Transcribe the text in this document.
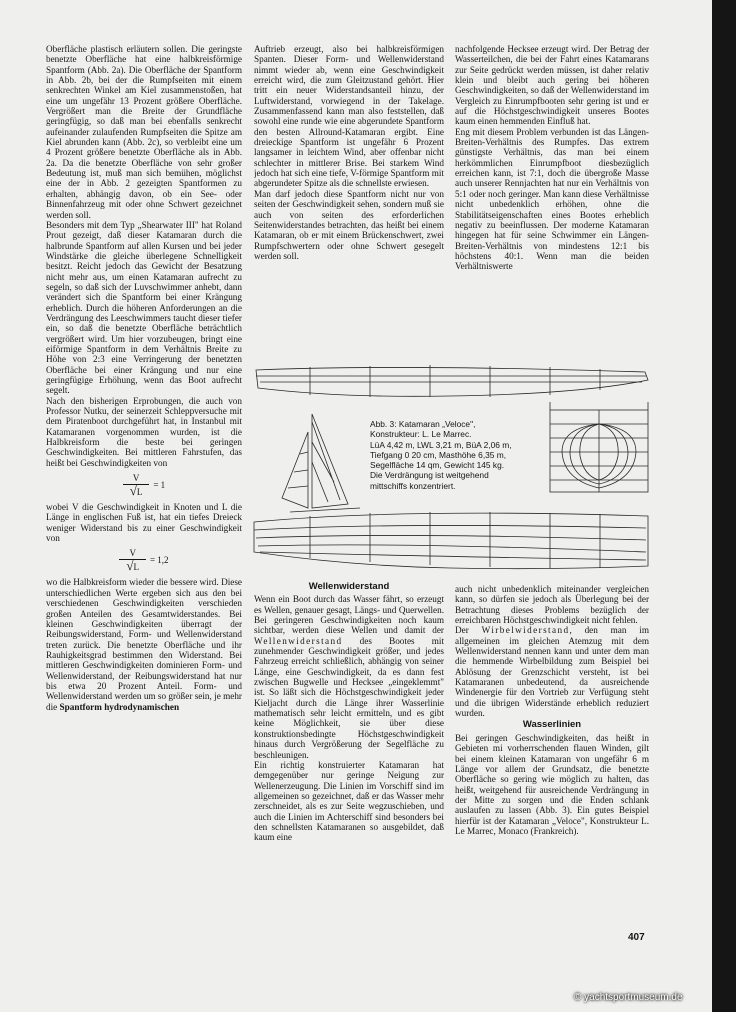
Oberfläche plastisch erläutern sollen. Die geringste benetzte Oberfläche hat eine halbkreisförmige Spantform (Abb. 2a). Die Oberfläche der Spantform in Abb. 2b, bei der die Rumpfseiten mit einem senkrechten Winkel am Kiel zusammenstoßen, hat eine um ungefähr 13 Prozent größere Oberfläche. Vergrößert man die Breite der Grundfläche geringfügig, so daß man bei ebenfalls senkrecht aufeinander zulaufenden Rumpfseiten die Spitze am Kiel abrunden kann (Abb. 2c), so verbleibt eine um 4 Prozent größere benetzte Oberfläche als in Abb. 2a. Da die benetzte Oberfläche von sehr großer Bedeutung ist, muß man sich bemühen, möglichst eine der in Abb. 2 gezeigten Spantformen zu erhalten, abhängig davon, ob ein See- oder Binnenfahrzeug mit oder ohne Schwert gezeichnet werden soll.

Besonders mit dem Typ „Shearwater III" hat Roland Prout gezeigt, daß dieser Katamaran durch die halbrunde Spantform auf allen Kursen und bei jeder Windstärke die gleiche überlegene Schnelligkeit besitzt. Reicht jedoch das Gewicht der Besatzung nicht mehr aus, um einen Katamaran aufrecht zu segeln, so daß sich der Luvschwimmer anhebt, dann verändert sich die Spantform bei einer Krängung erheblich. Durch die höheren Anforderungen an die Verdrängung des Leeschwimmers taucht dieser tiefer ein, so daß die benetzte Oberfläche beträchtlich vergrößert wird. Um hier vorzubeugen, bringt eine eiförmige Spantform in dem Verhältnis Breite zu Höhe von 2:3 eine Verringerung der benetzten Oberfläche bei einer Krängung und nur eine geringfügige Erhöhung, wenn das Boot aufrecht segelt.

Nach den bisherigen Erprobungen, die auch von Professor Nutku, der seinerzeit Schleppversuche mit dem Piratenboot durchgeführt hat, in Instanbul mit Katamaranen vorgenommen wurden, ist die Halbkreisform die beste bei geringen Geschwindigkeiten. Bei mittleren Fahrstufen, das heißt bei Geschwindigkeiten von

$\frac{V}{√L} = 1$

wobei V die Geschwindigkeit in Knoten und L die Länge in englischen Fuß ist, hat ein tiefes Dreieck weniger Widerstand bis zu einer Geschwindigkeit von

$\frac{V}{√L} = 1,2$

wo die Halbkreisform wieder die bessere wird. Diese unterschiedlichen Werte ergeben sich aus den bei verschiedenen Geschwindigkeiten verschieden großen Anteilen des Gesamtwiderstandes. Bei kleinen Geschwindigkeiten überragt der Reibungswiderstand, Form- und Wellenwiderstand treten zurück. Die benetzte Oberfläche und ihr Rauhigkeitsgrad bestimmen den Widerstand. Bei mittleren Geschwindigkeiten dominieren Form- und Wellenwiderstand, der Reibungswiderstand hat nur bis etwa 20 Prozent Anteil. Form- und Wellenwiderstand werden um so größer sein, je mehr die Spantform hydrodynamischen

Auftrieb erzeugt, also bei halbkreisförmigen Spanten. Dieser Form- und Wellenwiderstand nimmt wieder ab, wenn eine Geschwindigkeit erreicht wird, die zum Gleitzustand gehört. Hier tritt ein neuer Widerstandsanteil hinzu, der Luftwiderstand, vorwiegend in der Takelage. Zusammenfassend kann man also feststellen, daß sowohl eine runde wie eine abgerundete Spantform den besten Allround-Katamaran ergibt. Eine dreieckige Spantform ist ungefähr 6 Prozent langsamer in leichtem Wind, aber offenbar nicht schlechter in mittlerer Brise. Bei starkem Wind jedoch hat sich eine tiefe, V-förmige Spantform mit abgerundeter Spitze als die schnellste erwiesen.

Man darf jedoch diese Spantform nicht nur von seiten der Geschwindigkeit sehen, sondern muß sie auch von seiten des erforderlichen Seitenwiderstandes betrachten, das heißt bei einem Katamaran, ob er mit einem Brückenschwert, zwei Rumpfschwertern oder ohne Schwert gesegelt werden soll.

nachfolgende Hecksee erzeugt wird. Der Betrag der Wasserteilchen, die bei der Fahrt eines Katamarans zur Seite gedrückt werden müssen, ist daher relativ klein und bleibt auch gering bei höheren Geschwindigkeiten, so daß der Wellenwiderstand im Vergleich zu Einrumpfbooten sehr gering ist und er auf die Höchstgeschwindigkeit unseres Bootes kaum einen hemmenden Einfluß hat.

Eng mit diesem Problem verbunden ist das Längen-Breiten-Verhältnis des Rumpfes. Das extrem günstigste Verhältnis, das man bei einem herkömmlichen Einrumpfboot diesbezüglich erreichen kann, ist 7:1, doch die übergroße Masse auch unserer Rennjachten hat nur ein Verhältnis von 5:1 oder noch geringer. Man kann diese Verhältnisse nicht unbedenklich erhöhen, ohne die Stabilitätseigenschaften eines Bootes erheblich negativ zu beeinflussen. Der moderne Katamaran hingegen hat für seine Schwimmer ein Längen-Breiten-Verhältnis von mindestens 12:1 bis höchstens 40:1. Wenn man die beiden Verhältniswerte

Abb. 3: Katamaran „Veloce",

Konstrukteur: L. Le Marrec.

LüA 4,42 m, LWL 3,21 m, BüA 2,06 m, Tiefgang 0 20 cm, Masthöhe 6,35 m, Segelfläche 14 qm, Gewicht 145 kg. Die Verdrängung ist weitgehend mittschiffs konzentriert.

Wellenwiderstand

Wenn ein Boot durch das Wasser fährt, so erzeugt es Wellen, genauer gesagt, Längs- und Querwellen. Bei geringeren Geschwindigkeiten noch kaum sichtbar, werden diese Wellen und damit der Wellenwiderstand des Bootes mit zunehmender Geschwindigkeit größer, und jedes Fahrzeug erreicht schließlich, abhängig von seiner Länge, eine Geschwindigkeit, da es dann fest zwischen Bugwelle und Hecksee „eingeklemmt" ist. So läßt sich die Höchstgeschwindigkeit jeder Kieljacht durch die Länge ihrer Wasserlinie mathematisch sehr leicht ermitteln, und es gibt keine Möglichkeit, sie über diese konstruktionsbedingte Höchstgeschwindigkeit hinaus durch Vergrößerung der Segelfläche zu beschleunigen.

Ein richtig konstruierter Katamaran hat demgegenüber nur geringe Neigung zur Wellenerzeugung. Die Linien im Vorschiff sind im allgemeinen so gezeichnet, daß er das Wasser mehr zerschneidet, als es zur Seite wegzuschieben, und auch die Linien im Achterschiff sind besonders bei den schnellsten Katamaranen so ausgebildet, daß kaum eine

auch nicht unbedenklich miteinander vergleichen kann, so dürfen sie jedoch als Überlegung bei der Betrachtung dieses Problems bezüglich der erreichbaren Höchstgeschwindigkeit nicht fehlen.

Der Wirbelwiderstand, den man im allgemeinen im gleichen Atemzug mit dem Wellenwiderstand nennen kann und unter dem man die hemmende Wirbelbildung zum Beispiel bei Ablösung der Grenzschicht versteht, ist bei Katamaranen unbedeutend, da ausreichende Windenergie für den Vortrieb zur Verfügung steht und die übrigen Widerstände erheblich reduziert wurden.

Wasserlinien

Bei geringen Geschwindigkeiten, das heißt in Gebieten mi vorherrschenden flauen Winden, gilt bei einem kleinen Katamaran von ungefähr 6 m Länge vor allem der Grundsatz, die benetzte Oberfläche so gering wie möglich zu halten, das heißt, weitgehend für ausreichende Verdrängung in der Mitte zu sorgen und die Enden schlank auslaufen zu lassen (Abb. 3). Ein gutes Beispiel hierfür ist der Katamaran „Veloce", Konstrukteur L. Le Marrec, Monaco (Frankreich).

407
© yachtsportmuseum.de
